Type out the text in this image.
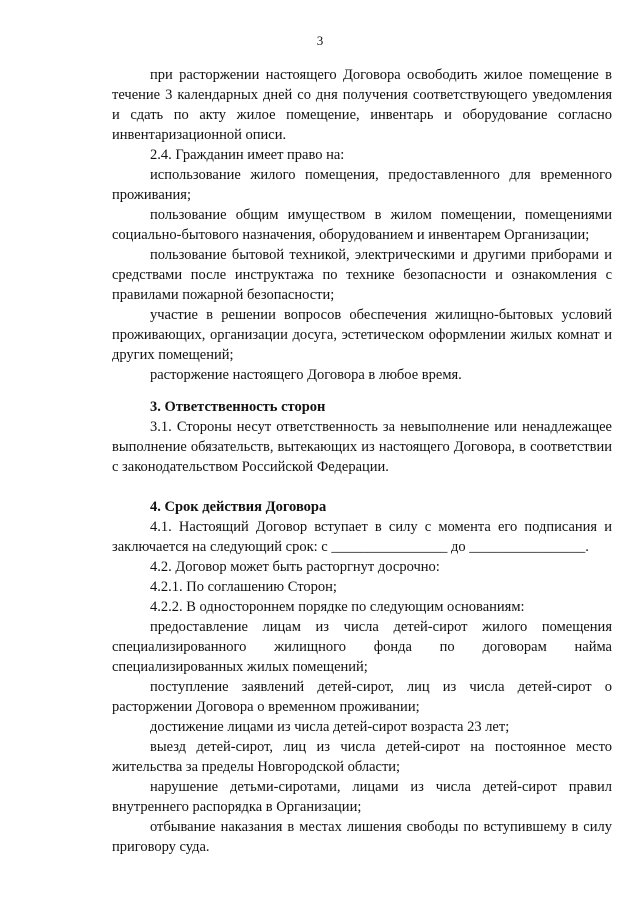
3

при расторжении настоящего Договора освободить жилое помещение в течение 3 календарных дней со дня получения соответствующего уведомления и сдать по акту жилое помещение, инвентарь и оборудование согласно инвентаризационной описи.

2.4. Гражданин имеет право на:

использование жилого помещения, предоставленного для временного проживания;

пользование общим имуществом в жилом помещении, помещениями социально-бытового назначения, оборудованием и инвентарем Организации;

пользование бытовой техникой, электрическими и другими приборами и средствами после инструктажа по технике безопасности и ознакомления с правилами пожарной безопасности;

участие в решении вопросов обеспечения жилищно-бытовых условий проживающих, организации досуга, эстетическом оформлении жилых комнат и других помещений;

расторжение настоящего Договора в любое время.

3. Ответственность сторон

3.1. Стороны несут ответственность за невыполнение или ненадлежащее выполнение обязательств, вытекающих из настоящего Договора, в соответствии с законодательством Российской Федерации.

4. Срок действия Договора

4.1. Настоящий Договор вступает в силу с момента его подписания и заключается на следующий срок: с ________________ до ________________.

4.2. Договор может быть расторгнут досрочно:

4.2.1. По соглашению Сторон;

4.2.2. В одностороннем порядке по следующим основаниям:

предоставление лицам из числа детей-сирот жилого помещения специализированного жилищного фонда по договорам найма специализированных жилых помещений;

поступление заявлений детей-сирот, лиц из числа детей-сирот о расторжении Договора о временном проживании;

достижение лицами из числа детей-сирот возраста 23 лет;

выезд детей-сирот, лиц из числа детей-сирот на постоянное место жительства за пределы Новгородской области;

нарушение детьми-сиротами, лицами из числа детей-сирот правил внутреннего распорядка в Организации;

отбывание наказания в местах лишения свободы по вступившему в силу приговору суда.
